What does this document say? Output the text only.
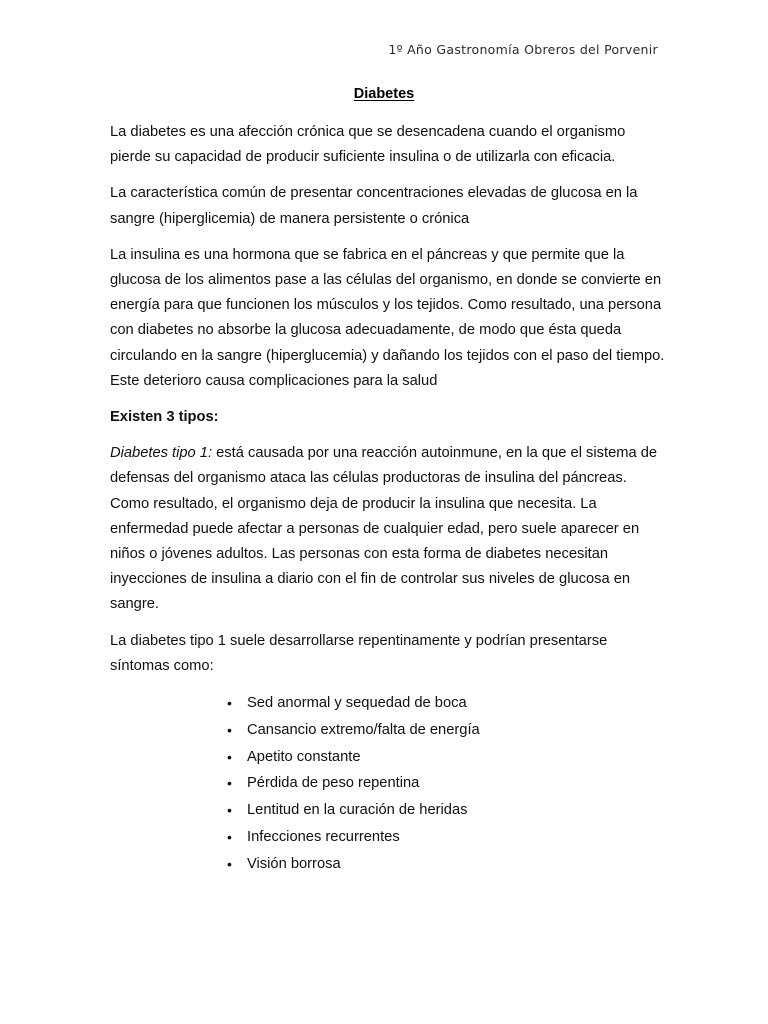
1º Año Gastronomía Obreros del Porvenir
Diabetes

La diabetes es una afección crónica que se desencadena cuando el organismo pierde su capacidad de producir suficiente insulina o de utilizarla con eficacia.

La característica común de presentar concentraciones elevadas de glucosa en la sangre (hiperglicemia) de manera persistente o crónica

La insulina es una hormona que se fabrica en el páncreas y que permite que la glucosa de los alimentos pase a las células del organismo, en donde se convierte en energía para que funcionen los músculos y los tejidos. Como resultado, una persona con diabetes no absorbe la glucosa adecuadamente, de modo que ésta queda circulando en la sangre (hiperglucemia) y dañando los tejidos con el paso del tiempo. Este deterioro causa complicaciones para la salud

Existen 3 tipos:

Diabetes tipo 1: está causada por una reacción autoinmune, en la que el sistema de defensas del organismo ataca las células productoras de insulina del páncreas. Como resultado, el organismo deja de producir la insulina que necesita. La enfermedad puede afectar a personas de cualquier edad, pero suele aparecer en niños o jóvenes adultos. Las personas con esta forma de diabetes necesitan inyecciones de insulina a diario con el fin de controlar sus niveles de glucosa en sangre.

La diabetes tipo 1 suele desarrollarse repentinamente y podrían presentarse síntomas como:

• Sed anormal y sequedad de boca
• Cansancio extremo/falta de energía
• Apetito constante
• Pérdida de peso repentina
• Lentitud en la curación de heridas
• Infecciones recurrentes
• Visión borrosa
